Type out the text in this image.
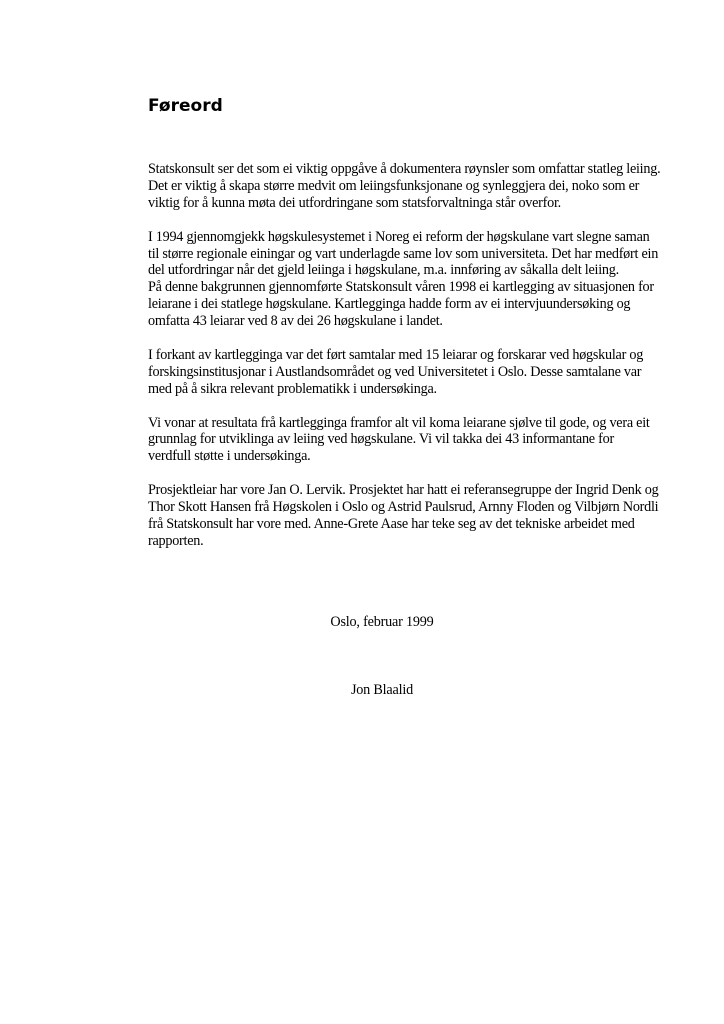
Føreord

Statskonsult ser det som ei viktig oppgåve å dokumentera røynsler som omfattar statleg leiing.
Det er viktig å skapa større medvit om leiingsfunksjonane og synleggjera dei, noko som er
viktig for å kunna møta dei utfordringane som statsforvaltninga står overfor.

I 1994 gjennomgjekk høgskulesystemet i Noreg ei reform der høgskulane vart slegne saman
til større regionale einingar og vart underlagde same lov som universiteta. Det har medført ein
del utfordringar når det gjeld leiinga i høgskulane, m.a. innføring av såkalla delt leiing.
På denne bakgrunnen gjennomførte Statskonsult våren 1998 ei kartlegging av situasjonen for
leiarane i dei statlege høgskulane. Kartlegginga hadde form av ei intervjuundersøking og
omfatta 43 leiarar ved 8 av dei 26 høgskulane i landet.

I forkant av kartlegginga var det ført samtalar med 15 leiarar og forskarar ved høgskular og
forskingsinstitusjonar i Austlandsområdet og ved Universitetet i Oslo. Desse samtalane var
med på å sikra relevant problematikk i undersøkinga.

Vi vonar at resultata frå kartlegginga framfor alt vil koma leiarane sjølve til gode, og vera eit
grunnlag for utviklinga av leiing ved høgskulane. Vi vil takka dei 43 informantane for
verdfull støtte i undersøkinga.

Prosjektleiar har vore Jan O. Lervik. Prosjektet har hatt ei referansegruppe der Ingrid Denk og
Thor Skott Hansen frå Høgskolen i Oslo og Astrid Paulsrud, Arnny Floden og Vilbjørn Nordli
frå Statskonsult har vore med. Anne-Grete Aase har teke seg av det tekniske arbeidet med
rapporten.

Oslo, februar 1999
Jon Blaalid
